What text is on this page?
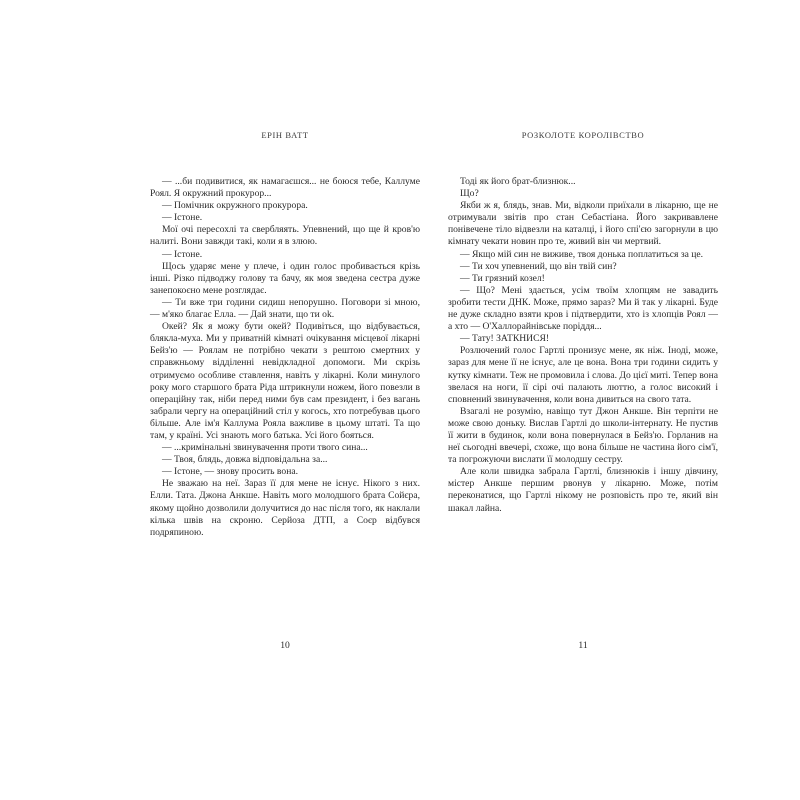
ЕРІН ВАТТ

— ...би подивитися, як намагаєшся... не боюся тебе, Каллуме Роял. Я окружний прокурор...

— Помічник окружного прокурора.

— Істоне.

Мої очі пересохлі та свербляять. Упевнений, що ще й кров'ю налиті. Вони завжди такі, коли я в злюю.

— Істоне.

Щось ударяє мене у плече, і один голос пробивається крізь інші. Різко підводжу голову та бачу, як моя зведена сестра дуже занепокоєно мене розглядає.

— Ти вже три години сидиш непорушно. Поговори зі мною, — м'яко благає Елла. — Дай знати, що ти ok.

Окей? Як я можу бути окей? Подивіться, що відбувається, блякла-муха. Ми у приватній кімнаті очікування місцевої лікарні Бейз'ю — Роялам не потрібно чекати з рештою смертних у справжньому відділенні невідкладної допомоги. Ми скрізь отримуємо особливе ставлення, навіть у лікарні. Коли минулого року мого старшого брата Ріда штрикнули ножем, його повезли в операційну так, ніби перед ними був сам президент, і без вагань забрали чергу на операційний стіл у когось, хто потребував цього більше. Але ім'я Каллума Рояла важливе в цьому штаті. Та що там, у країні. Усі знають мого батька. Усі його бояться.

— ...кримінальні звинувачення проти твого сина...

— Твоя, блядь, довжа відповідальна за...

— Істоне, — знову просить вона.

Не зважаю на неї. Зараз її для мене не існує. Нікого з них. Елли. Тата. Джона Анкше. Навіть мого молодшого брата Сойєра, якому щойно дозволили долучитися до нас після того, як наклали кілька швів на скроню. Серйоза ДТП, а Соєр відбувся подряпиною.

10
РОЗКОЛОТЕ КОРОЛІВСТВО

Тоді як його брат-близнюк...

Що?

Якби ж я, блядь, знав. Ми, відколи приїхали в лікарню, ще не отримували звітів про стан Себастіана. Його закривавлене понівечене тіло відвезли на каталці, і його спі'єю загорнули в цю кімнату чекати новин про те, живий він чи мертвий.

— Якщо мій син не виживе, твоя донька поплатиться за це.

— Ти хоч упевнений, що він твій син?

— Ти грязний козел!

— Що? Мені здається, усім твоїм хлопцям не завадить зробити тести ДНК. Може, прямо зараз? Ми й так у лікарні. Буде не дуже складно взяти кров і підтвердити, хто із хлопців Роял — а хто — О'Халлорайнівське поріддя...

— Тату! ЗАТКНИСЯ!

Розлючений голос Гартлі пронизує мене, як ніж. Іноді, може, зараз для мене її не існує, але це вона. Вона три години сидить у кутку кімнати. Теж не промовила і слова. До цієї миті. Тепер вона звелася на ноги, її сірі очі палають люттю, а голос високий і сповнений звинувачення, коли вона дивиться на свого тата.

Взагалі не розумію, навіщо тут Джон Анкше. Він терпіти не може свою доньку. Вислав Гартлі до школи-інтернату. Не пустив її жити в будинок, коли вона повернулася в Бейз'ю. Горланив на неї сьогодні ввечері, схоже, що вона більше не частина його сім'ї, та погрожуючи вислати її молодшу сестру.

Але коли швидка забрала Гартлі, близнюків і іншу дівчину, містер Анкше першим рвонув у лікарню. Може, потім переконатися, що Гартлі нікому не розповість про те, який він шакал лайна.

11
